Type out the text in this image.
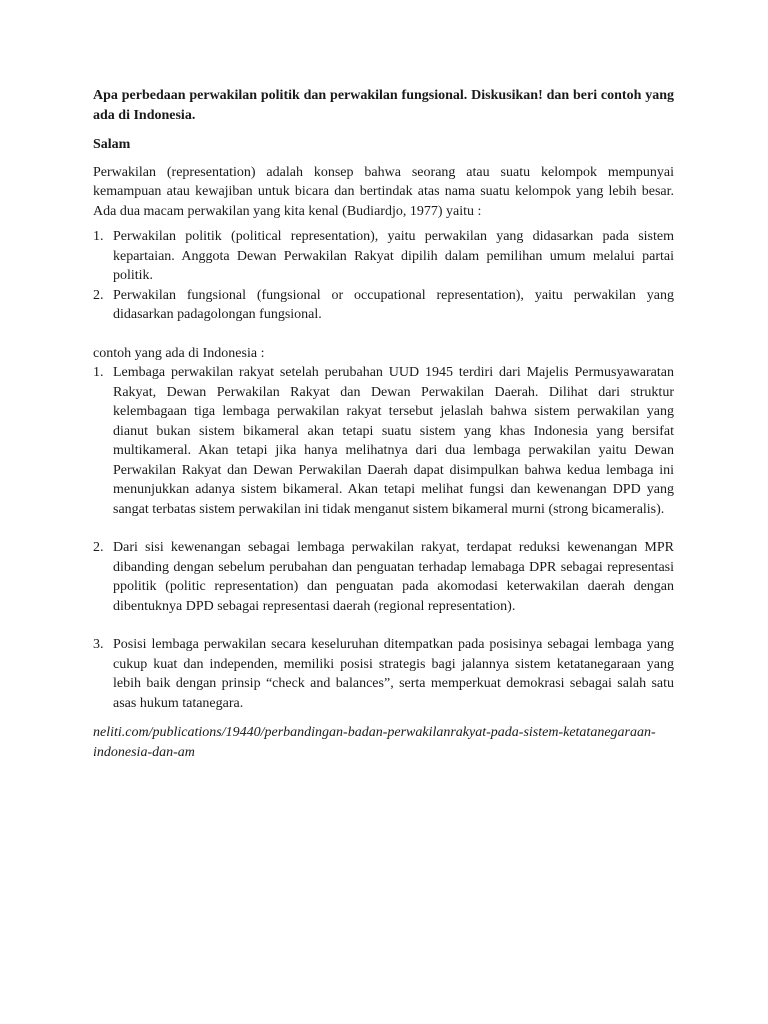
Apa perbedaan perwakilan politik dan perwakilan fungsional. Diskusikan! dan beri contoh yang ada di Indonesia.

Salam

Perwakilan (representation) adalah konsep bahwa seorang atau suatu kelompok mempunyai kemampuan atau kewajiban untuk bicara dan bertindak atas nama suatu kelompok yang lebih besar. Ada dua macam perwakilan yang kita kenal (Budiardjo, 1977) yaitu :

1. Perwakilan politik (political representation), yaitu perwakilan yang didasarkan pada sistem kepartaian. Anggota Dewan Perwakilan Rakyat dipilih dalam pemilihan umum melalui partai politik.
2. Perwakilan fungsional (fungsional or occupational representation), yaitu perwakilan yang didasarkan padagolongan fungsional.

contoh yang ada di Indonesia :

1. Lembaga perwakilan rakyat setelah perubahan UUD 1945 terdiri dari Majelis Permusyawaratan Rakyat, Dewan Perwakilan Rakyat dan Dewan Perwakilan Daerah. Dilihat dari struktur kelembagaan tiga lembaga perwakilan rakyat tersebut jelaslah bahwa sistem perwakilan yang dianut bukan sistem bikameral akan tetapi suatu sistem yang khas Indonesia yang bersifat multikameral. Akan tetapi jika hanya melihatnya dari dua lembaga perwakilan yaitu Dewan Perwakilan Rakyat dan Dewan Perwakilan Daerah dapat disimpulkan bahwa kedua lembaga ini menunjukkan adanya sistem bikameral. Akan tetapi melihat fungsi dan kewenangan DPD yang sangat terbatas sistem perwakilan ini tidak menganut sistem bikameral murni (strong bicameralis).
2. Dari sisi kewenangan sebagai lembaga perwakilan rakyat, terdapat reduksi kewenangan MPR dibanding dengan sebelum perubahan dan penguatan terhadap lemabaga DPR sebagai representasi ppolitik (politic representation) dan penguatan pada akomodasi keterwakilan daerah dengan dibentuknya DPD sebagai representasi daerah (regional representation).
3. Posisi lembaga perwakilan secara keseluruhan ditempatkan pada posisinya sebagai lembaga yang cukup kuat dan independen, memiliki posisi strategis bagi jalannya sistem ketatanegaraan yang lebih baik dengan prinsip “check and balances”, serta memperkuat demokrasi sebagai salah satu asas hukum tatanegara.

neliti.com/publications/19440/perbandingan-badan-perwakilanrakyat-pada-sistem-ketatanegaraan-indonesia-dan-am
